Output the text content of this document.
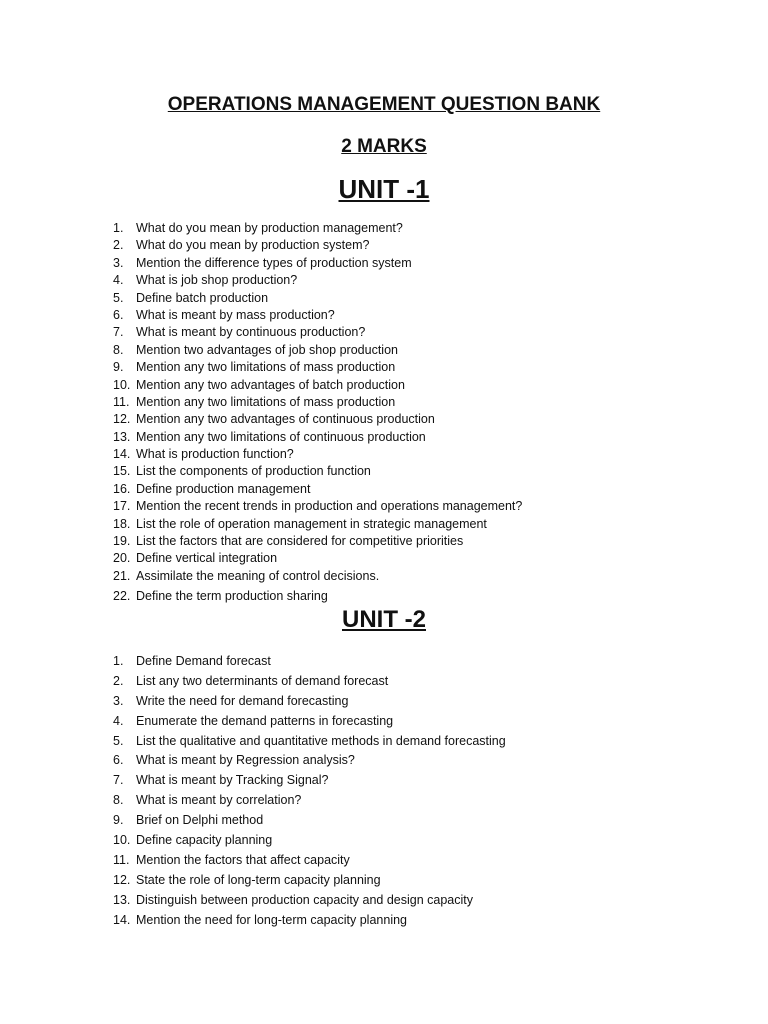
OPERATIONS MANAGEMENT QUESTION BANK
2 MARKS
UNIT -1
1.	What do you mean by production management?
2.	What do you mean by production system?
3.	Mention the difference types of production system
4.	What is job shop production?
5.	Define batch production
6.	What is meant by mass production?
7.	What is meant by continuous production?
8.	Mention two advantages of job shop production
9.	Mention any two limitations of mass production
10. Mention any two advantages of batch production
11. Mention any two limitations of mass production
12. Mention any two advantages of continuous production
13. Mention any two limitations of continuous production
14. What is production function?
15. List the components of production function
16. Define production management
17. Mention the recent trends in production and operations management?
18. List the role of operation management in strategic management
19. List the factors that are considered for competitive priorities
20. Define vertical integration
21. Assimilate the meaning of control decisions.
22. Define the term production sharing
UNIT -2
1.	Define Demand forecast
2.	List any two determinants of demand forecast
3.	Write the need for demand forecasting
4.	Enumerate the demand patterns in forecasting
5.	List the qualitative and quantitative methods in demand forecasting
6.	What is meant by Regression analysis?
7.	What is meant by Tracking Signal?
8.	What is meant by correlation?
9.	Brief on Delphi method
10. Define capacity planning
11. Mention the factors that affect capacity
12. State the role of long-term capacity planning
13. Distinguish between production capacity and design capacity
14. Mention the need for long-term capacity planning
